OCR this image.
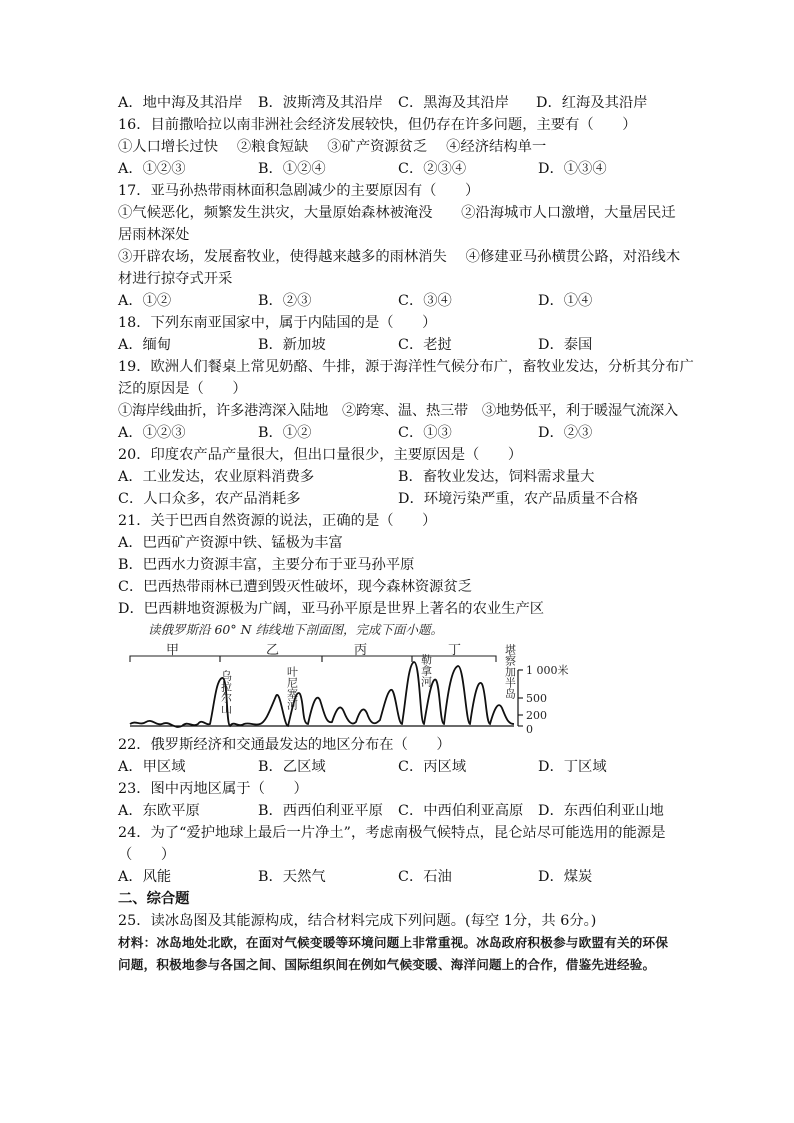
A．地中海及其沿岸	B．波斯湾及其沿岸	C．黑海及其沿岸	D．红海及其沿岸
16．目前撒哈拉以南非洲社会经济发展较快，但仍存在许多问题，主要有（　　）
①人口增长过快　 ②粮食短缺　 ③矿产资源贫乏　 ④经济结构单一
A．①②③	B．①②④	C．②③④	D．①③④
17．亚马孙热带雨林面积急剧减少的主要原因有（　　）
①气候恶化，频繁发生洪灾，大量原始森林被淹没　　②沿海城市人口激增，大量居民迁
居雨林深处
③开辟农场，发展畜牧业，使得越来越多的雨林消失　 ④修建亚马孙横贯公路，对沿线木
材进行掠夺式开采
A．①②	B．②③	C．③④	D．①④
18．下列东南亚国家中，属于内陆国的是（　　）
A．缅甸	B．新加坡	C．老挝	D．泰国
19．欧洲人们餐桌上常见奶酪、牛排，源于海洋性气候分布广，畜牧业发达，分析其分布广
泛的原因是（　　）
①海岸线曲折，许多港湾深入陆地　②跨寒、温、热三带　③地势低平，利于暖湿气流深入
A．①②③	B．①②	C．①③	D．②③
20．印度农产品产量很大，但出口量很少，主要原因是（　　）
A．工业发达，农业原料消费多	B．畜牧业发达，饲料需求量大
C．人口众多，农产品消耗多	D．环境污染严重，农产品质量不合格
21．关于巴西自然资源的说法，正确的是（　　）
A．巴西矿产资源中铁、锰极为丰富
B．巴西水力资源丰富，主要分布于亚马孙平原
C．巴西热带雨林已遭到毁灭性破坏，现今森林资源贫乏
D．巴西耕地资源极为广阔，亚马孙平原是世界上著名的农业生产区
读俄罗斯沿 60° N 纬线地下剖面图，完成下面小题。
甲	乙	丙	丁
乌拉尔山	叶尼塞河	勒拿河	堪察加半岛 1 000米
500
200
0
22．俄罗斯经济和交通最发达的地区分布在（　　）
A．甲区域	B．乙区域	C．丙区域	D．丁区域
23．图中丙地区属于（　　）
A．东欧平原	B．西西伯利亚平原	C．中西伯利亚高原	D．东西伯利亚山地
24．为了“爱护地球上最后一片净土”，考虑南极气候特点，昆仑站尽可能选用的能源是
（　　）
A．风能	B．天然气	C．石油	D．煤炭
二、综合题
25．读冰岛图及其能源构成，结合材料完成下列问题。(每空 1分，共 6分。)
材料：冰岛地处北欧，在面对气候变暖等环境问题上非常重视。冰岛政府积极参与欧盟有关的环保问题，积极地参与各国之间、国际组织间在例如气候变暖、海洋问题上的合作，借鉴先进经验。
